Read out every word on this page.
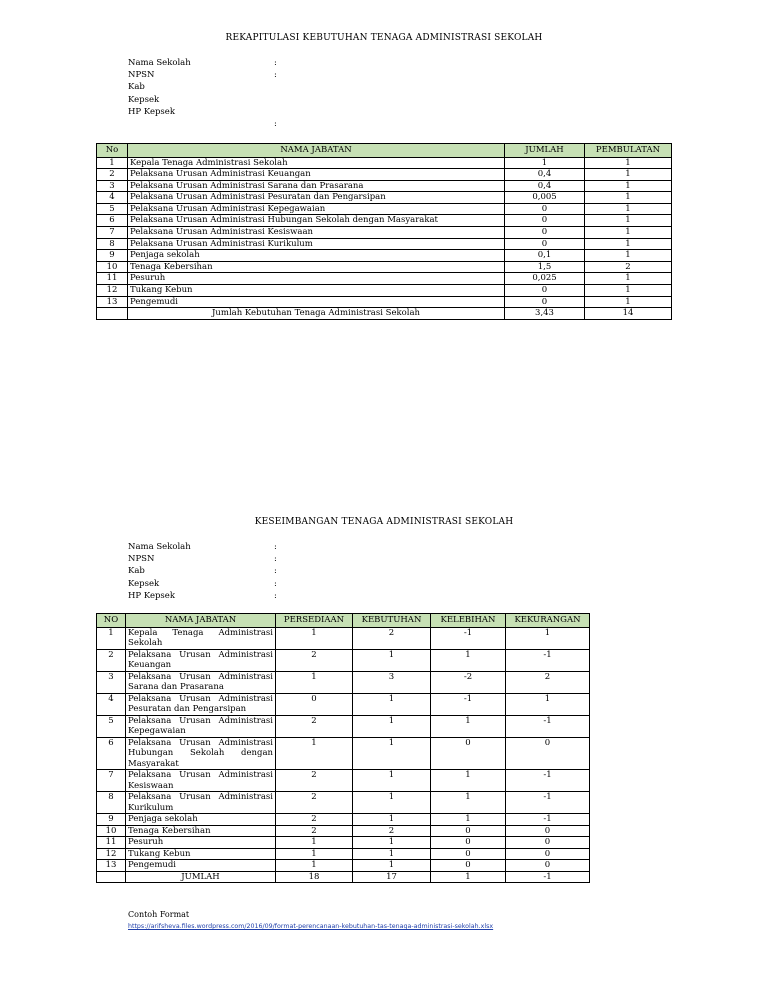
REKAPITULASI KEBUTUHAN TENAGA ADMINISTRASI SEKOLAH
Nama Sekolah	:
NPSN	:
Kab
Kepsek
HP Kepsek
:
No	NAMA JABATAN	JUMLAH	PEMBULATAN
1	Kepala Tenaga Administrasi Sekolah	1	1
2	Pelaksana Urusan Administrasi Keuangan	0,4	1
3	Pelaksana Urusan Administrasi Sarana dan Prasarana	0,4	1
4	Pelaksana Urusan Administrasi Pesuratan dan Pengarsipan	0,005	1
5	Pelaksana Urusan Administrasi Kepegawaian	0	1
6	Pelaksana Urusan Administrasi Hubungan Sekolah dengan Masyarakat	0	1
7	Pelaksana Urusan Administrasi Kesiswaan	0	1
8	Pelaksana Urusan Administrasi Kurikulum	0	1
9	Penjaga sekolah	0,1	1
10	Tenaga Kebersihan	1,5	2
11	Pesuruh	0,025	1
12	Tukang Kebun	0	1
13	Pengemudi	0	1
	Jumlah Kebutuhan Tenaga Administrasi Sekolah	3,43	14
KESEIMBANGAN TENAGA ADMINISTRASI SEKOLAH
Nama Sekolah	:
NPSN	:
Kab	:
Kepsek	:
HP Kepsek	:
NO	NAMA JABATAN	PERSEDIAAN	KEBUTUHAN	KELEBIHAN	KEKURANGAN
1	Kepala Tenaga Administrasi Sekolah	1	2	-1	1
2	Pelaksana Urusan Administrasi Keuangan	2	1	1	-1
3	Pelaksana Urusan Administrasi Sarana dan Prasarana	1	3	-2	2
4	Pelaksana Urusan Administrasi Pesuratan dan Pengarsipan	0	1	-1	1
5	Pelaksana Urusan Administrasi Kepegawaian	2	1	1	-1
6	Pelaksana Urusan Administrasi Hubungan Sekolah dengan Masyarakat	1	1	0	0
7	Pelaksana Urusan Administrasi Kesiswaan	2	1	1	-1
8	Pelaksana Urusan Administrasi Kurikulum	2	1	1	-1
9	Penjaga sekolah	2	1	1	-1
10	Tenaga Kebersihan	2	2	0	0
11	Pesuruh	1	1	0	0
12	Tukang Kebun	1	1	0	0
13	Pengemudi	1	1	0	0
	JUMLAH	18	17	1	-1
Contoh Format
https://arifsheva.files.wordpress.com/2016/09/format-perencanaan-kebutuhan-tas-tenaga-administrasi-sekolah.xlsx
